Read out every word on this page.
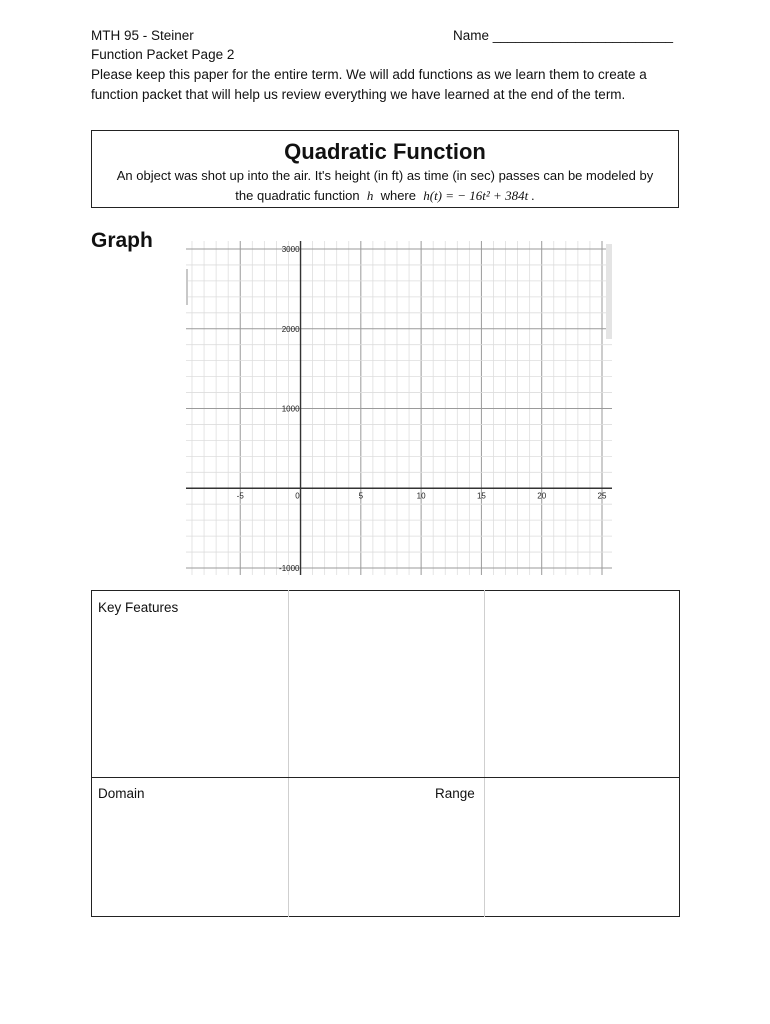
MTH 95 - Steiner	Name ________________________
Function Packet Page 2
Please keep this paper for the entire term. We will add functions as we learn them to create a function packet that will help us review everything we have learned at the end of the term.
Quadratic Function
An object was shot up into the air. It's height (in ft) as time (in sec) passes can be modeled by
the quadratic function h where h(t) = − 16t² + 384t .
Graph
-5	0	5	10	15	20	25
3000
2000
1000
-1000
Key Features
Domain	Range
